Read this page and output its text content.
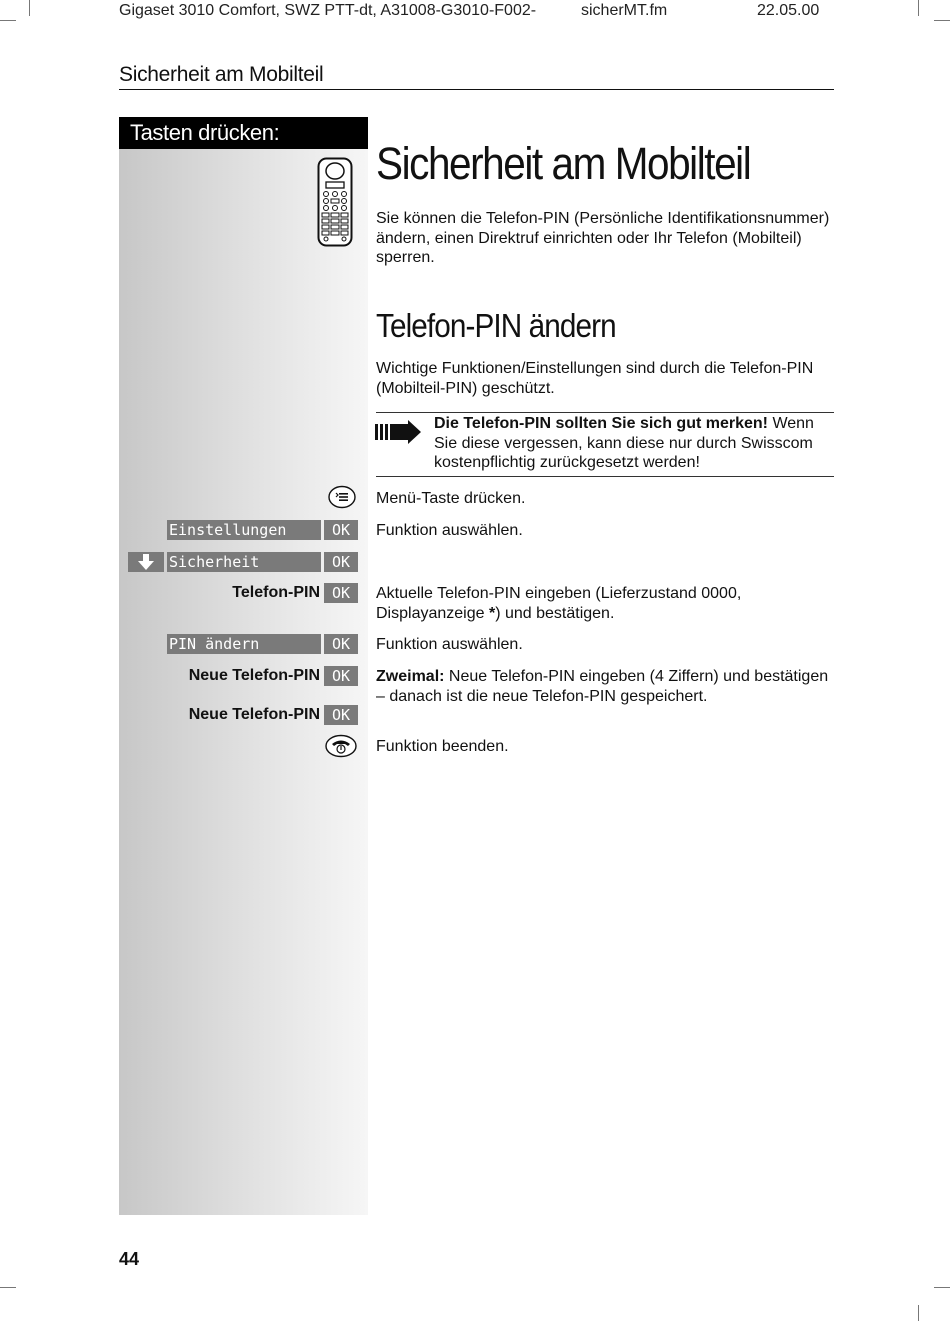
Gigaset 3010 Comfort, SWZ PTT-dt, A31008-G3010-F002-	sicherMT.fm	22.05.00
Sicherheit am Mobilteil
Tasten drücken:
Sicherheit am Mobilteil
Sie können die Telefon-PIN (Persönliche Identifikationsnummer) ändern, einen Direktruf einrichten oder Ihr Telefon (Mobilteil) sperren.
Telefon-PIN ändern
Wichtige Funktionen/Einstellungen sind durch die Telefon-PIN (Mobilteil-PIN) geschützt.
Die Telefon-PIN sollten Sie sich gut merken! Wenn Sie diese vergessen, kann diese nur durch Swisscom kostenpflichtig zurückgesetzt werden!
Menü-Taste drücken.
Einstellungen	OK	Funktion auswählen.
Sicherheit	OK
Telefon-PIN OK	Aktuelle Telefon-PIN eingeben (Lieferzustand 0000, Displayanzeige *) und bestätigen.
PIN ändern	OK	Funktion auswählen.
Neue Telefon-PIN OK	Zweimal: Neue Telefon-PIN eingeben (4 Ziffern) und bestätigen – danach ist die neue Telefon-PIN gespeichert.
Neue Telefon-PIN OK
Funktion beenden.
44
